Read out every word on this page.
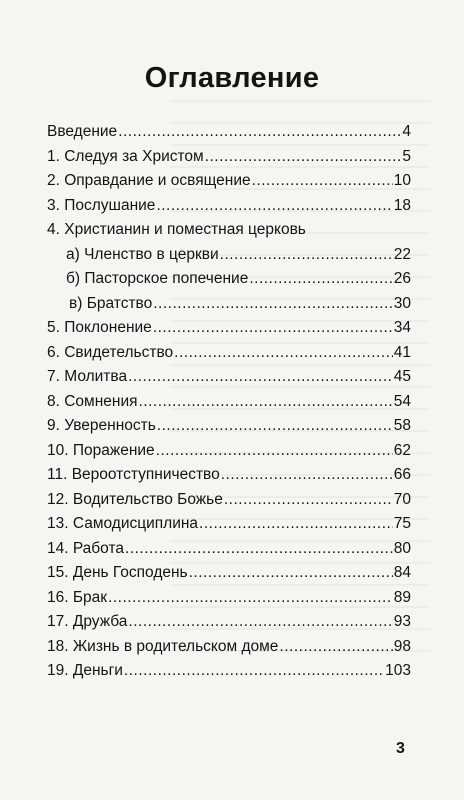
Оглавление
Введение .....	4
1. Следуя за Христом .....	5
2. Оправдание и освящение .....	10
3. Послушание .....	18
4. Христианин и поместная церковь
а) Членство в церкви .....	22
б) Пасторское попечение .....	26
в) Братство .....	30
5. Поклонение .....	34
6. Свидетельство .....	41
7. Молитва .....	45
8. Сомнения .....	54
9. Уверенность .....	58
10. Поражение .....	62
11. Вероотступничество .....	66
12. Водительство Божье .....	70
13. Самодисциплина .....	75
14. Работа .....	80
15. День Господень .....	84
16. Брак .....	89
17. Дружба .....	93
18. Жизнь в родительском доме .....	98
19. Деньги .....	103
3
